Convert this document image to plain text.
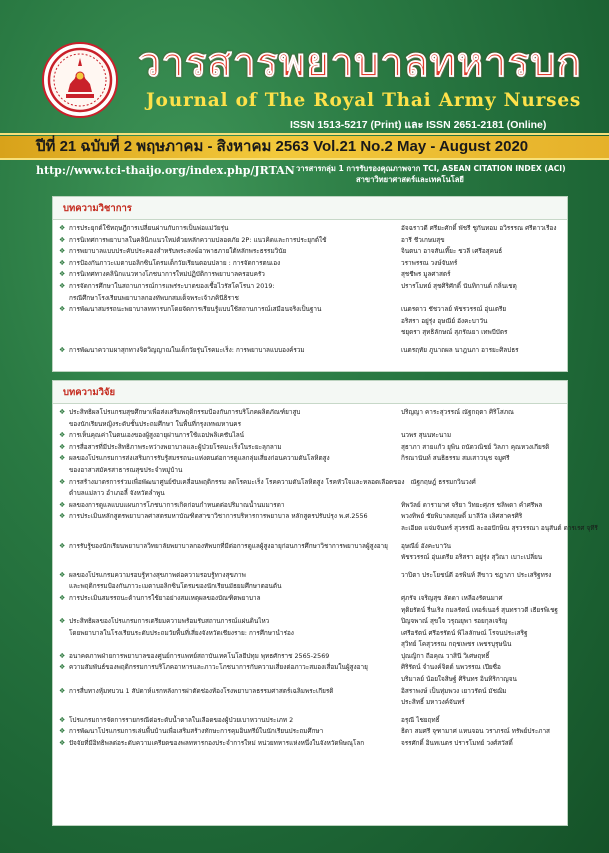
วารสารพยาบาลทหารบก
Journal of The Royal Thai Army Nurses
ISSN 1513-5217 (Print) และ ISSN 2651-2181 (Online)
ปีที่ 21 ฉบับที่ 2 พฤษภาคม - สิงหาคม 2563 Vol.21 No.2 May - August 2020
http://www.tci-thaijo.org/index.php/JRTAN วารสารกลุ่ม 1 การรับรองคุณภาพจาก TCI, ASEAN CITATION INDEX (ACI)
สาขาวิทยาศาสตร์และเทคโนโลยี
บทความวิชาการ
❖ การประยุกต์ใช้ทฤษฎีการเปลี่ยนผ่านกับการเป็นพ่อแม่วัยรุ่น	อัจฉราวดี ศรียะศักดิ์ พัชรี ชูกันทอม อวิรรรณ ศรีดาวเรือง
❖ การนิเทศการพยาบาลในคลินิกแนวใหม่ด้วยหลักความปลอดภัย 2P: แนวคิดและการประยุกต์ใช้	อารี ชีวเกษมสุข
❖ การพยาบาลแบบประคับประคองสำหรับพระสงฆ์อาพาธภายใต้หลักพระธรรมวินัย	จินตนา อาจสันเที๊ยะ ชวลี เศรีอสุคนธ์
❖ การป้องกันภาวะเมตาบอลิกซินโดรมเด็กวัยเรียนตอนปลาย : การจัดการตนเอง	วราพรรณ วงษ์จันทร์
❖ การนิเทศทางคลินิกแนวทางโภชนาการใหม่ปฏิบัติการพยาบาลครอบครัว	สุชชีพร มูลศาสตร์
❖ การจัดการศึกษาในสถานการณ์การแพร่ระบาดของเชื้อไวรัสโคโรนา 2019:	ปรารโมทย์ สุชศิริศักดิ์ นันทิกานต์ กลิ่นเชตุ
กรณีศึกษาโรงเรียนพยาบาลกองทัพบกสมเด็จพระเจ้าภคินีธิราช
❖ การพัฒนาสมรรถนะพยาบาลทหารบกโดยจัดการเรียนรู้แบบใช้สถานการณ์เสมือนจริงเป็นฐาน	เนตรดาว ชัชวาลย์ พัชรวรรณ์ อุ่นเตรีย
อริสรา อยู่รุ่ง อุษณีย์ อังคะบาวัน
ชยุดรา สุทธิลักษณ์ สุภรัณยา เทพบีบัตร
❖ การพัฒนาความผาสุกทางจิตวิญญาณในเด็กวัยรุ่นโรคมะเร็ง: การพยาบาลแบบองค์รวม	เนตรฤทัย ภูนาถผล นาฎนภา อารยะศิลปธร
บทความวิจัย
❖ ประสิทธิผลโปรแกรมสุขศึกษาเพื่อส่งเสริมพฤติกรรมป้องกันการบริโภคผลิตภัณฑ์ยาสูบ	ปริญญา คาระสุวรรณ์ ณัฐกฤตา ศิริโสภณ
ของนักเรียนหญิงระดับชั้นประถมศึกษา ในพื้นที่กรุงเทพมหานคร
❖ การเห็นคุณค่าในตนเองของผู้สูงอายุผ่านการใช้แอปพลิเคชันไลน์	นวพร สุนนทะนาม
❖ การสื่อสารที่มีประสิทธิภาพระหว่างพยาบาลและผู้ป่วยโรคมะเร็งในระยะลุกลาม	สุธาภา สายแก้ว ยุพิน ถนัดวณิชย์ วิลภา คุณหวงเกียรติ
❖ ผลของโปรแกรมการส่งเสริมการรับรู้สมรรถนะแห่งตนต่อการดูแลกลุ่มเสี่ยงก่อนความดันโลหิตสูง	กิรณานันท์ สนธิธรรม สมเสาวนุช จมูศรี
ของอาสาสมัครสาธารณสุขประจำหมู่บ้าน
❖ การสร้างมาตรการร่วมเพื่อพัฒนาศูนย์ขับเคลื่อนพฤติกรรม ลดโรคมะเร็ง โรคความดันโลหิตสูง โรคหัวใจและหลอดเลือดของ ณัฐกฤษฎ์ ธรรมกวินวงศ์
ตำบลแม่ลาว อำเภอลี้ จังหวัดลำพูน
❖ ผลของการดูแลแบบแผนการโภชนาการเกิดก่อนกำหนดต่อปริมาณน้ำนมมารดา	ทิพวัลย์ ดารามาศ จริยา วิทยะศุภร ชลิพดา คำศรีพล
❖ การประเมินหลักสูตรพยาบาลศาสตรมหาบัณฑิตสาขาวิชาการบริหารการพยาบาล หลักสูตรปรับปรุง พ.ศ.2556	พวงทิพย์ ชัยพิบาลสฤษดิ์ มาลีวัล เลิศสาครศิริ
ละเอียด แจ่มจันทร์ สุวรรณี ละออปักษิณ สุรวรรณา อนุสันต์ ดารเรศ จุทีรี
❖ การรับรู้ของนักเรียนพยาบาลวิทยาลัยพยาบาลกองทัพบกที่มีต่อการดูแลผู้สูงอายุก่อนการศึกษาวิชาการพยาบาลผู้สูงอายุ	อุษณีย์ อังคะบาวัน
พัชรวรรณ์ อุ่นเตรีย อริสรา อยู่รุ่ง สุวิณา เบาะเปลี่ยน
❖ ผลของโปรแกรมความรอบรู้ทางสุขภาพต่อความรอบรู้ทางสุขภาพ	วาปิตา ประโยชน์ดี อรพินท์ สีขาว ชฎาภา ประเสริฐทรง
และพฤติกรรมป้องกันภาวะเมตาบอลิกซินโดรมของนักเรียนมัธยมศึกษาตอนต้น
❖ การประเมินสมรรถนะด้านการใช้ยาอย่างสมเหตุผลของบัณฑิตพยาบาล	ศุภรัจ เจริญสุข ลัดดา เหลืองรัตนมาศ
ทุติยรัตน์ รื่นเริง กมลรัตน์ เทอร์เนอร์ สุนทราวดี เธียรพิเชฐ
❖ ประสิทธิผลของโปรแกรมการเตรียมความพร้อมรับสถานการณ์แผ่นดินไหว	ปิญจพาณ์ สุขใจ วรุณยุพา รอยกุลเจริญ
โดยพยาบาลในโรงเรียนระดับประถมวัยพื้นที่เสี่ยงจังหวัดเชียงราย: การศึกษานำร่อง	เศรีอรัตน์ ศรีอรรัตน์ พิไลลักษณ์ โรจนประเสริฐ
สุวิทย์ โคสุวรรณ กฤชเพชร เพชรบุรุษนิน
❖ อนาคตภาพฝ่ายการพยาบาลของศูนย์การแพทย์สถาบันเทคโนโลยีปทุม พุทธศักราช 2565-2569	ปุณญิกา ถือคุณ วาสินี วิเศษฤทธิ์
❖ ความสัมพันธ์ของพฤติกรรมการบริโภคอาหารและภาวะโภชนาการกับความเสี่ยงต่อภาวะสมองเสื่อมในผู้สูงอายุ	ศิริรัตน์ จำนงค์จิตต์ นพวรรณ เปียซื่อ
บริมาลย์ น้อยใจสิษฐ์ ศิรินทร อินทิริกาญจน
❖ การสื่บทางหุ้มทบวน 1 สัปดาห์แรกหลังการผ่าตัดช่องท้องโรงพยาบาลธรรมศาสตร์เฉลิมพระเกียรติ	อิสราพงษ์ เป็นทุ่มพวง เยาวรัตน์ มัชฌิม
ประสิทธิ์ มหาวงค์จันทร์
❖ โปรแกรมการจัดการรายกรณีต่อระดับน้ำตาลในเลือดของผู้ป่วยเบาหวานประเภท 2	อรุณี ไชยฤทธิ์
❖ การพัฒนาโปรแกรมการเล่นพื้นบ้านเพื่อเสริมสร้างทักษะการคุมอินทรีย์ในนักเรียนประถมศึกษา	ธิดา สมศรี จุฑามาศ แหนจอน วราภรณ์ ทรัพย์ประภาส
❖ ปัจจัยที่มีอิทธิพลต่อระดับความเครียดของพลทหารกองประจำการใหม่ หน่วยทหารแห่งหนึ่งในจังหวัดพิษณุโลก	จรรศักดิ์ อินทเนตร ปรารโมทย์ วงศ์สวัสดิ์
